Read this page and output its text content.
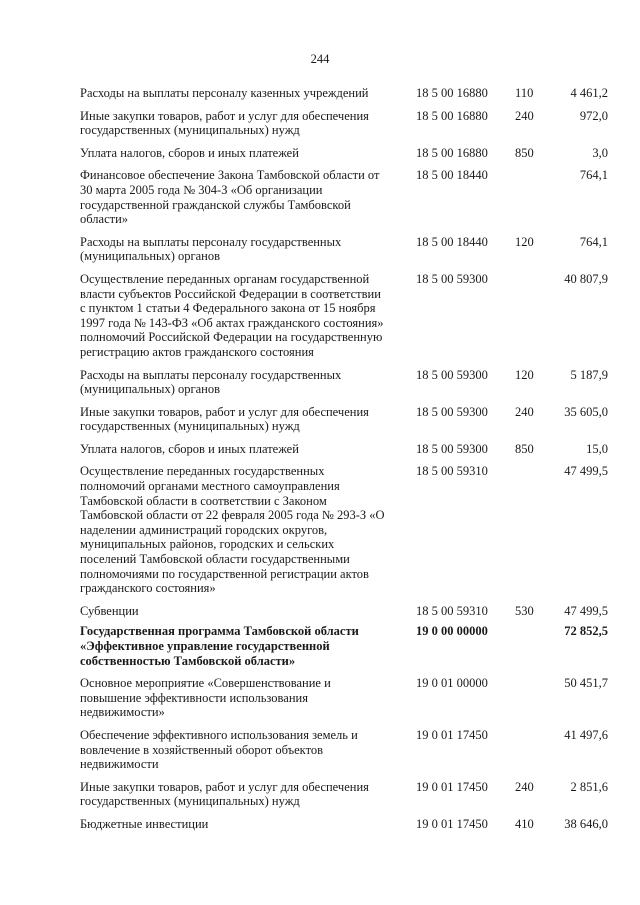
244
Расходы на выплаты персоналу казенных учреждений	18 5 00 16880	110	4 461,2
Иные закупки товаров, работ и услуг для обеспечения государственных (муниципальных) нужд	18 5 00 16880	240	972,0
Уплата налогов, сборов и иных платежей	18 5 00 16880	850	3,0
Финансовое обеспечение Закона Тамбовской области от 30 марта 2005 года № 304-З «Об организации государственной гражданской службы Тамбовской области»	18 5 00 18440		764,1
Расходы на выплаты персоналу государственных (муниципальных) органов	18 5 00 18440	120	764,1
Осуществление переданных органам государственной власти субъектов Российской Федерации в соответствии с пунктом 1 статьи 4 Федерального закона от 15 ноября 1997 года № 143-ФЗ «Об актах гражданского состояния» полномочий Российской Федерации на государственную регистрацию актов гражданского состояния	18 5 00 59300		40 807,9
Расходы на выплаты персоналу государственных (муниципальных) органов	18 5 00 59300	120	5 187,9
Иные закупки товаров, работ и услуг для обеспечения государственных (муниципальных) нужд	18 5 00 59300	240	35 605,0
Уплата налогов, сборов и иных платежей	18 5 00 59300	850	15,0
Осуществление переданных государственных полномочий органами местного самоуправления Тамбовской области в соответствии с Законом Тамбовской области от 22 февраля 2005 года № 293-З «О наделении администраций городских округов, муниципальных районов, городских и сельских поселений Тамбовской области государственными полномочиями по государственной регистрации актов гражданского состояния»	18 5 00 59310		47 499,5
Субвенции	18 5 00 59310	530	47 499,5
Государственная программа Тамбовской области «Эффективное управление государственной собственностью Тамбовской области»	19 0 00 00000		72 852,5
Основное мероприятие «Совершенствование и повышение эффективности использования недвижимости»	19 0 01 00000		50 451,7
Обеспечение эффективного использования земель и вовлечение в хозяйственный оборот объектов недвижимости	19 0 01 17450		41 497,6
Иные закупки товаров, работ и услуг для обеспечения государственных (муниципальных) нужд	19 0 01 17450	240	2 851,6
Бюджетные инвестиции	19 0 01 17450	410	38 646,0
